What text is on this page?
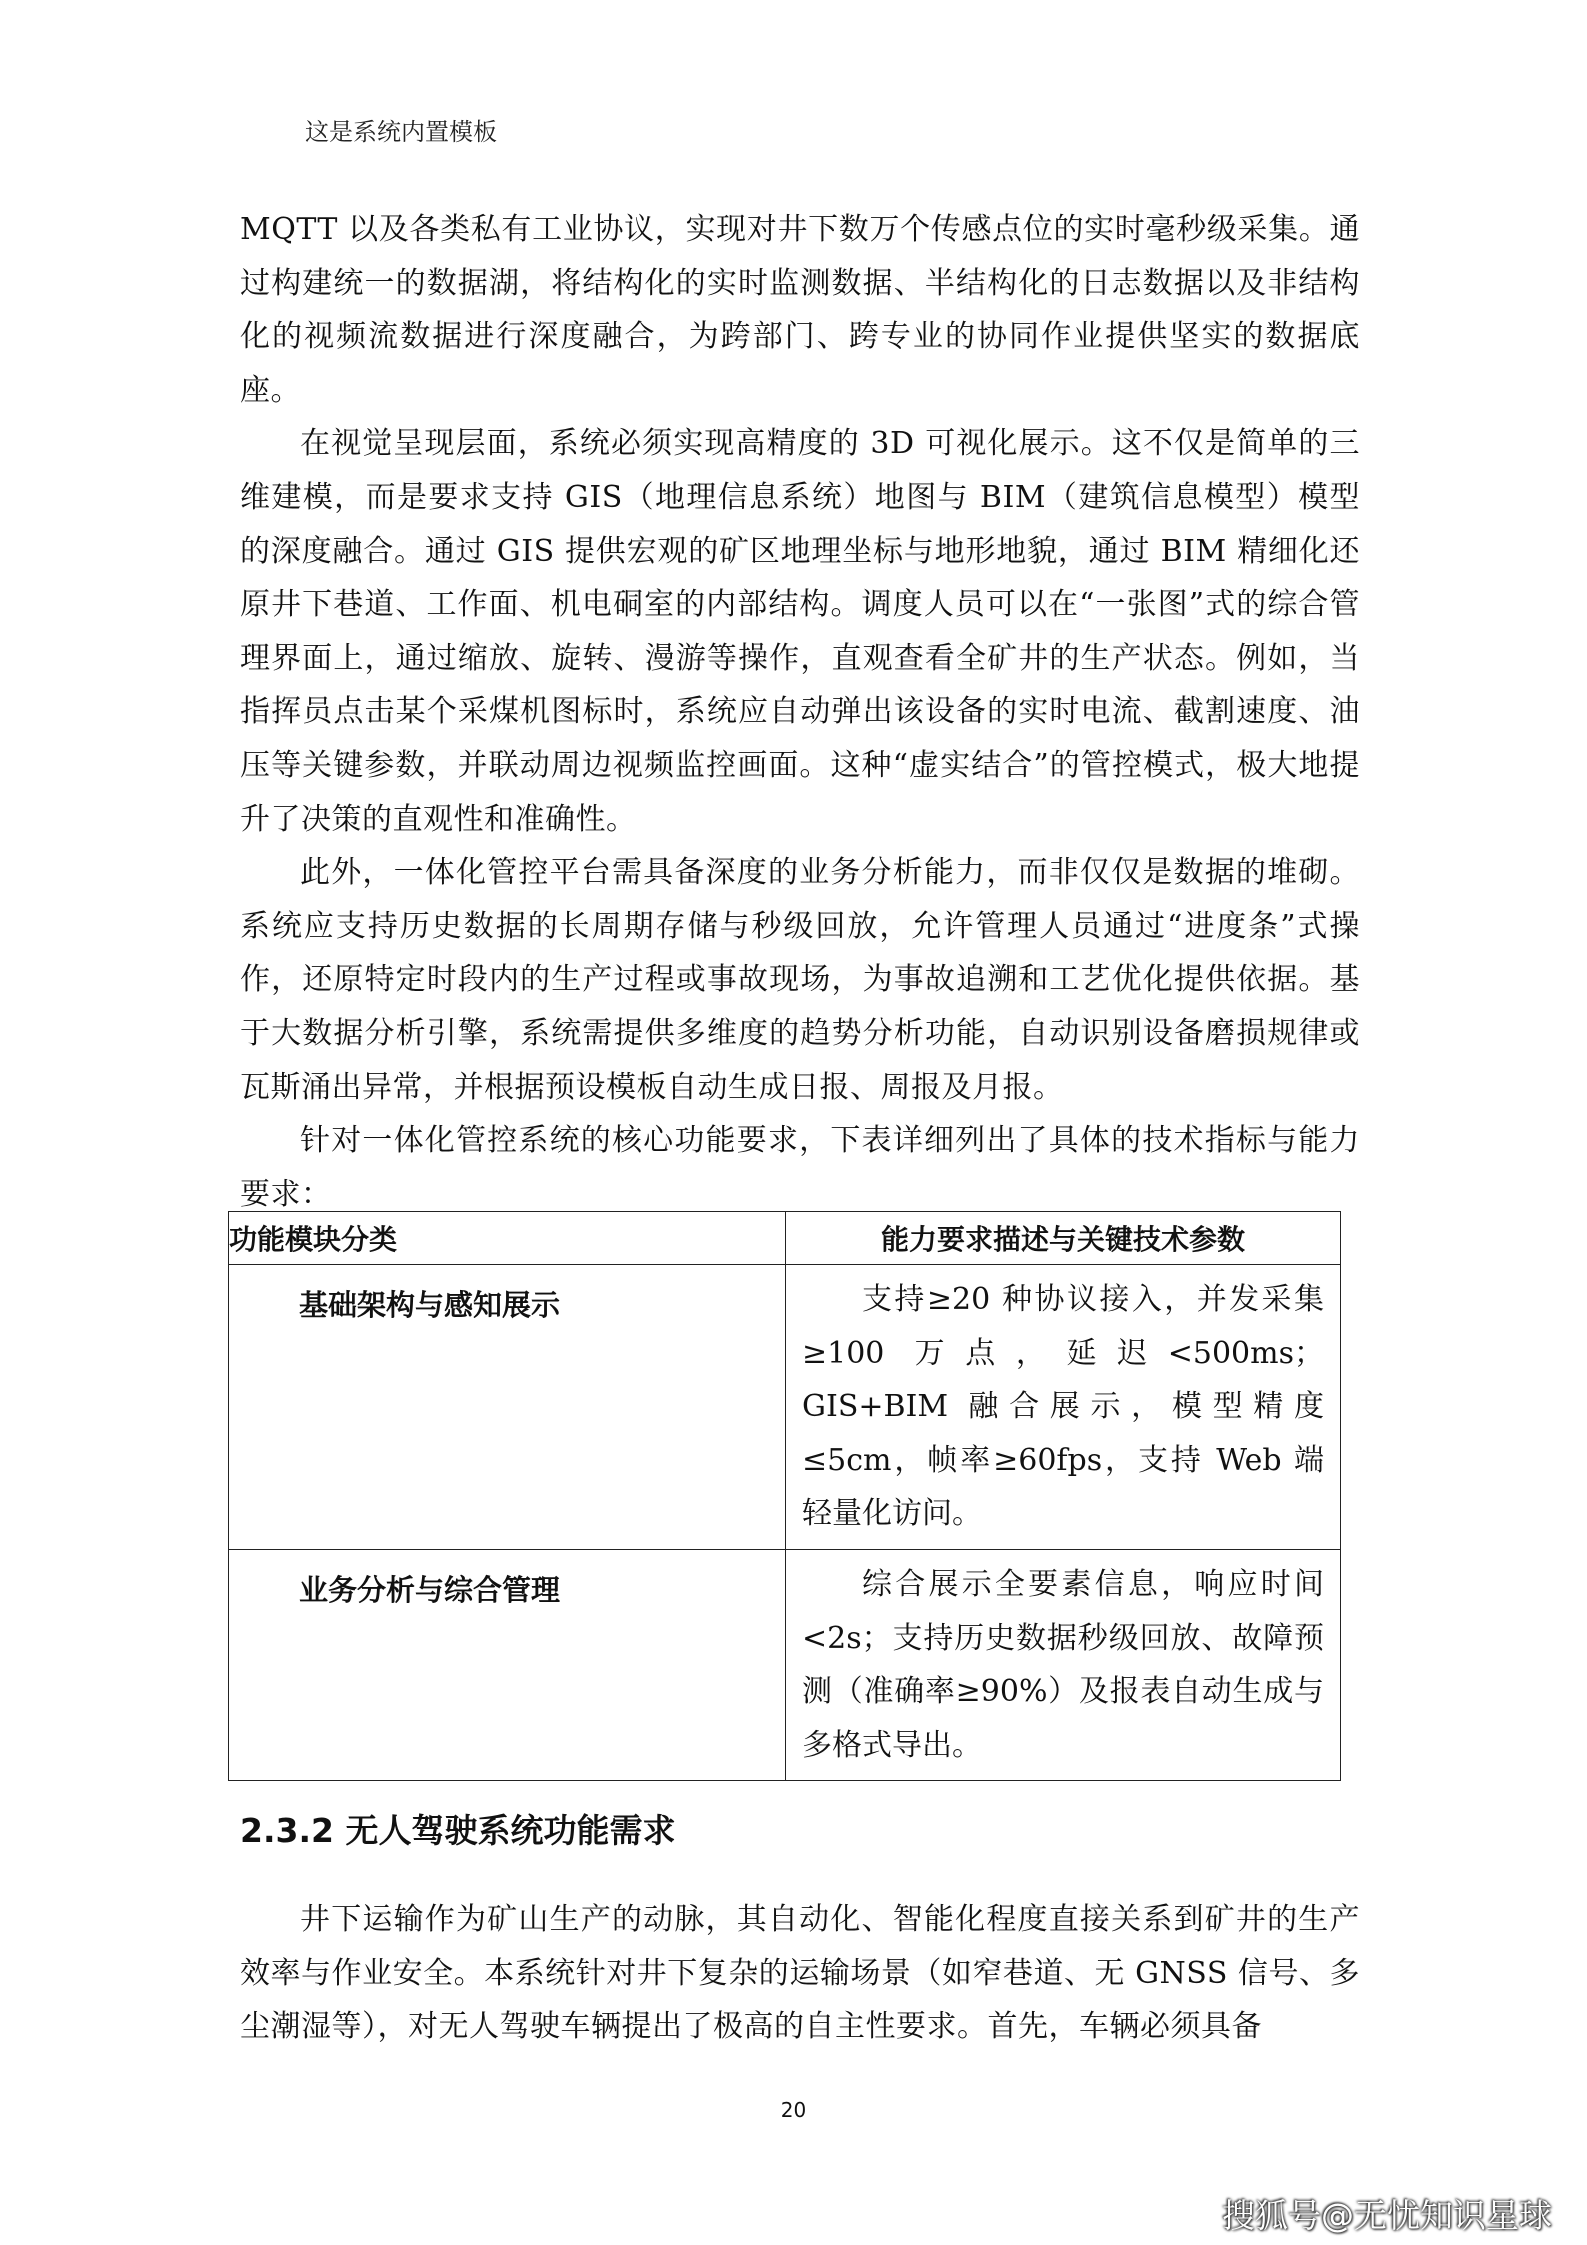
这是系统内置模板

MQTT 以及各类私有工业协议，实现对井下数万个传感点位的实时毫秒级采集。通过构建统一的数据湖，将结构化的实时监测数据、半结构化的日志数据以及非结构化的视频流数据进行深度融合，为跨部门、跨专业的协同作业提供坚实的数据底座。

在视觉呈现层面，系统必须实现高精度的 3D 可视化展示。这不仅是简单的三维建模，而是要求支持 GIS（地理信息系统）地图与 BIM（建筑信息模型）模型的深度融合。通过 GIS 提供宏观的矿区地理坐标与地形地貌，通过 BIM 精细化还原井下巷道、工作面、机电硐室的内部结构。调度人员可以在“一张图”式的综合管理界面上，通过缩放、旋转、漫游等操作，直观查看全矿井的生产状态。例如，当指挥员点击某个采煤机图标时，系统应自动弹出该设备的实时电流、截割速度、油压等关键参数，并联动周边视频监控画面。这种“虚实结合”的管控模式，极大地提升了决策的直观性和准确性。

此外，一体化管控平台需具备深度的业务分析能力，而非仅仅是数据的堆砌。系统应支持历史数据的长周期存储与秒级回放，允许管理人员通过“进度条”式操作，还原特定时段内的生产过程或事故现场，为事故追溯和工艺优化提供依据。基于大数据分析引擎，系统需提供多维度的趋势分析功能，自动识别设备磨损规律或瓦斯涌出异常，并根据预设模板自动生成日报、周报及月报。

针对一体化管控系统的核心功能要求，下表详细列出了具体的技术指标与能力要求：

功能模块分类	能力要求描述与关键技术参数
基础架构与感知展示	支持≥20 种协议接入，并发采集≥100 万点，延迟<500ms；GIS+BIM 融合展示，模型精度≤5cm，帧率≥60fps，支持 Web 端轻量化访问。
业务分析与综合管理	综合展示全要素信息，响应时间<2s；支持历史数据秒级回放、故障预测（准确率≥90%）及报表自动生成与多格式导出。
2.3.2 无人驾驶系统功能需求

井下运输作为矿山生产的动脉，其自动化、智能化程度直接关系到矿井的生产效率与作业安全。本系统针对井下复杂的运输场景（如窄巷道、无 GNSS 信号、多尘潮湿等），对无人驾驶车辆提出了极高的自主性要求。首先，车辆必须具备

20
搜狐号@无忧知识星球
